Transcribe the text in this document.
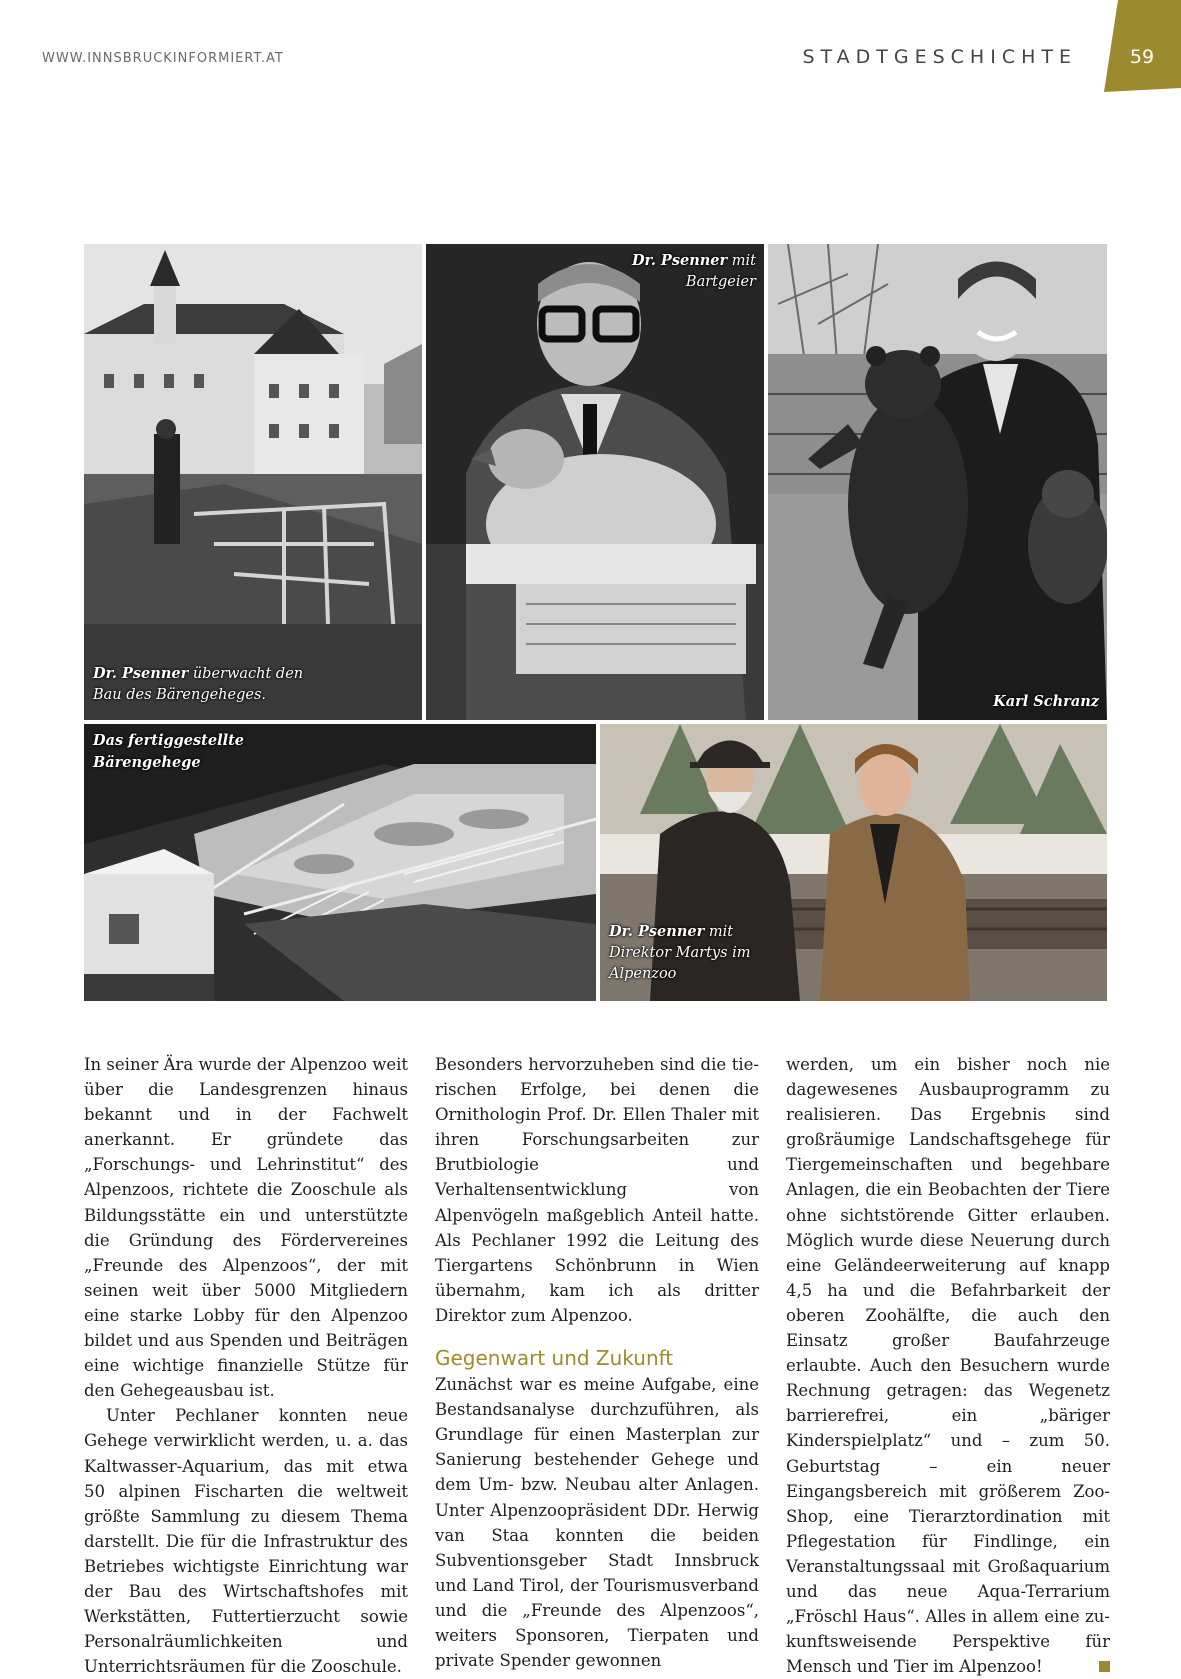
WWW.INNSBRUCKINFORMIERT.AT	STADTGESCHICHTE	59
Dr. Psenner überwacht den
Bau des Bärengeheges.
Dr. Psenner mit
Bartgeier
Karl Schranz
Das fertiggestellte
Bärengehege
Dr. Psenner mit
Direktor Martys im
Alpenzoo

In seiner Ära wurde der Alpenzoo weit über die Landesgrenzen hinaus bekannt und in der Fachwelt anerkannt. Er gründete das „Forschungs- und Lehrinstitut“ des Alpenzoos, richtete die Zooschule als Bildungsstätte ein und unterstützte die Gründung des Fördervereines „Freunde des Alpenzoos“, der mit seinen weit über 5000 Mitgliedern eine starke Lobby für den Alpenzoo bildet und aus Spenden und Beiträgen eine wichtige finanzielle Stütze für den Gehegeausbau ist.

Unter Pechlaner konnten neue Gehege verwirklicht werden, u. a. das Kaltwasser-Aquarium, das mit etwa 50 alpinen Fischarten die weltweit größte Sammlung zu diesem Thema darstellt. Die für die Infrastruktur des Betriebes wichtigste Einrichtung war der Bau des Wirtschaftshofes mit Werkstätten, Futtertierzucht sowie Personalräumlichkeiten und Unterrichtsräumen für die Zooschule.

Besonders hervorzuheben sind die tierischen Erfolge, bei denen die Ornithologin Prof. Dr. Ellen Thaler mit ihren Forschungsarbeiten zur Brutbiologie und Verhaltensentwicklung von Alpenvögeln maßgeblich Anteil hatte. Als Pechlaner 1992 die Leitung des Tiergartens Schönbrunn in Wien übernahm, kam ich als dritter Direktor zum Alpenzoo.

Gegenwart und Zukunft

Zunächst war es meine Aufgabe, eine Bestandsanalyse durchzuführen, als Grundlage für einen Masterplan zur Sanierung bestehender Gehege und dem Um- bzw. Neubau alter Anlagen. Unter Alpenzoopräsident DDr. Herwig van Staa konnten die beiden Subventionsgeber Stadt Innsbruck und Land Tirol, der Tourismusverband und die „Freunde des Alpenzoos“, weiters Sponsoren, Tierpaten und private Spender gewonnen

werden, um ein bisher noch nie dagewesenes Ausbauprogramm zu realisieren. Das Ergebnis sind großräumige Landschaftsgehege für Tiergemeinschaften und begehbare Anlagen, die ein Beobachten der Tiere ohne sichtstörende Gitter erlauben. Möglich wurde diese Neuerung durch eine Geländeerweiterung auf knapp 4,5 ha und die Befahrbarkeit der oberen Zoohälfte, die auch den Einsatz großer Baufahrzeuge erlaubte. Auch den Besuchern wurde Rechnung getragen: das Wegenetz barrierefrei, ein „bäriger Kinderspielplatz“ und – zum 50. Geburtstag – ein neuer Eingangsbereich mit größerem Zoo-Shop, eine Tierarztordination mit Pflegestation für Findlinge, ein Veranstaltungssaal mit Großaquarium und das neue Aqua-Terrarium „Fröschl Haus“. Alles in allem eine zukunftsweisende Perspektive für Mensch und Tier im Alpenzoo!
